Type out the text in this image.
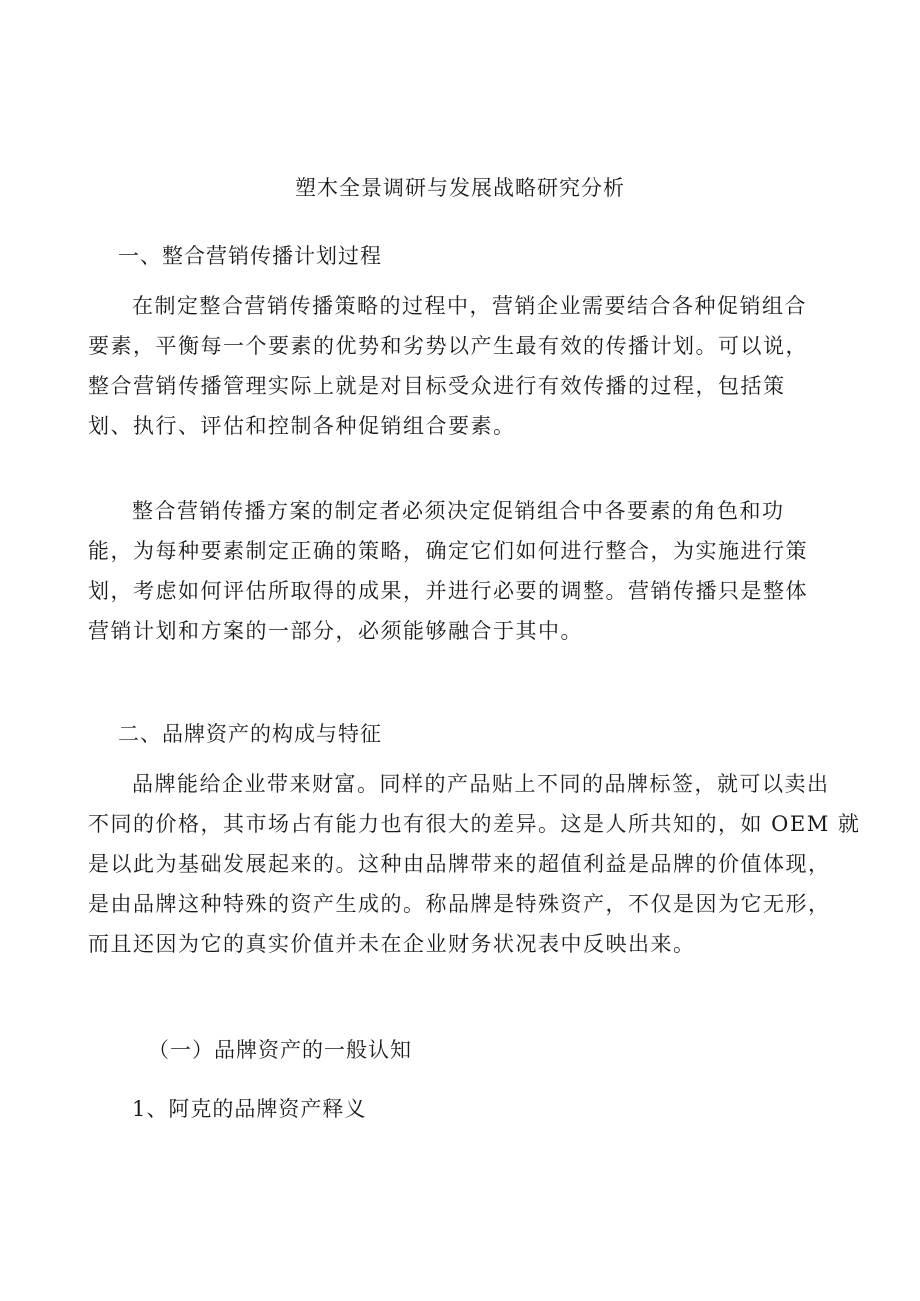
塑木全景调研与发展战略研究分析
一、整合营销传播计划过程
在制定整合营销传播策略的过程中，营销企业需要结合各种促销组合
要素，平衡每一个要素的优势和劣势以产生最有效的传播计划。可以说，
整合营销传播管理实际上就是对目标受众进行有效传播的过程，包括策
划、执行、评估和控制各种促销组合要素。
整合营销传播方案的制定者必须决定促销组合中各要素的角色和功
能，为每种要素制定正确的策略，确定它们如何进行整合，为实施进行策
划，考虑如何评估所取得的成果，并进行必要的调整。营销传播只是整体
营销计划和方案的一部分，必须能够融合于其中。
二、品牌资产的构成与特征
品牌能给企业带来财富。同样的产品贴上不同的品牌标签，就可以卖出
不同的价格，其市场占有能力也有很大的差异。这是人所共知的，如 OEM 就
是以此为基础发展起来的。这种由品牌带来的超值利益是品牌的价值体现，
是由品牌这种特殊的资产生成的。称品牌是特殊资产，不仅是因为它无形，
而且还因为它的真实价值并未在企业财务状况表中反映出来。
（一）品牌资产的一般认知
1、阿克的品牌资产释义
